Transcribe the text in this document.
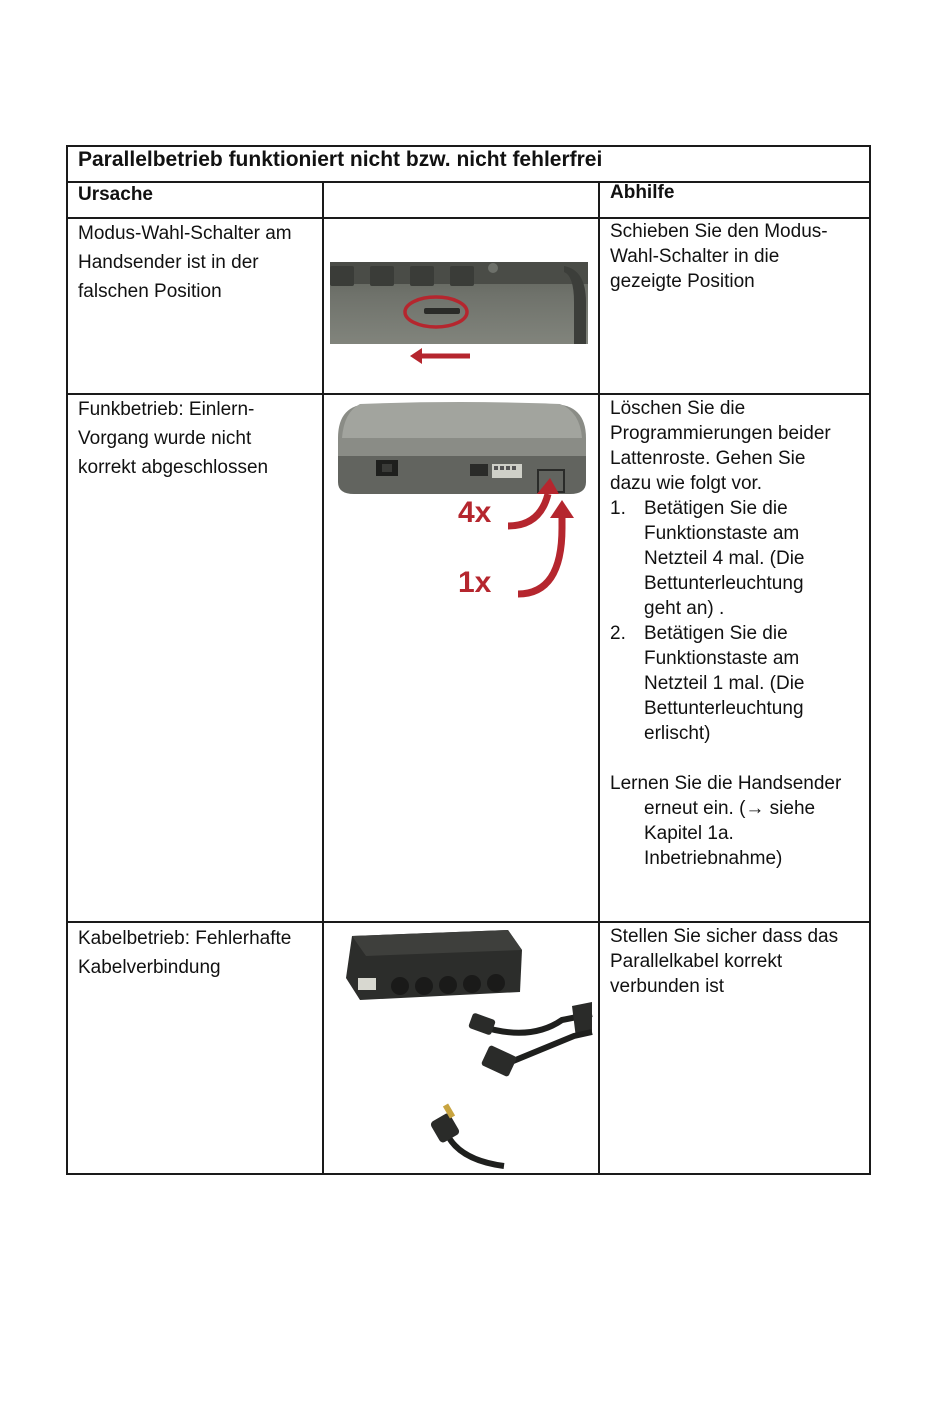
Parallelbetrieb funktioniert nicht bzw. nicht fehlerfrei
Ursache	Abhilfe
Modus-Wahl-Schalter am
Handsender ist in der
falschen Position
Schieben Sie den Modus-
Wahl-Schalter in die
gezeigte Position
Funkbetrieb: Einlern-
Vorgang wurde nicht
korrekt abgeschlossen
4x
1x
Löschen Sie die
Programmierungen beider
Lattenroste. Gehen Sie
dazu wie folgt vor.
1. Betätigen Sie die
Funktionstaste am
Netzteil 4 mal. (Die
Bettunterleuchtung
geht an) .
2. Betätigen Sie die
Funktionstaste am
Netzteil 1 mal. (Die
Bettunterleuchtung
erlischt)
Lernen Sie die Handsender
erneut ein. (→ siehe
Kapitel 1a.
Inbetriebnahme)
Kabelbetrieb: Fehlerhafte
Kabelverbindung
Stellen Sie sicher dass das
Parallelkabel korrekt
verbunden ist
